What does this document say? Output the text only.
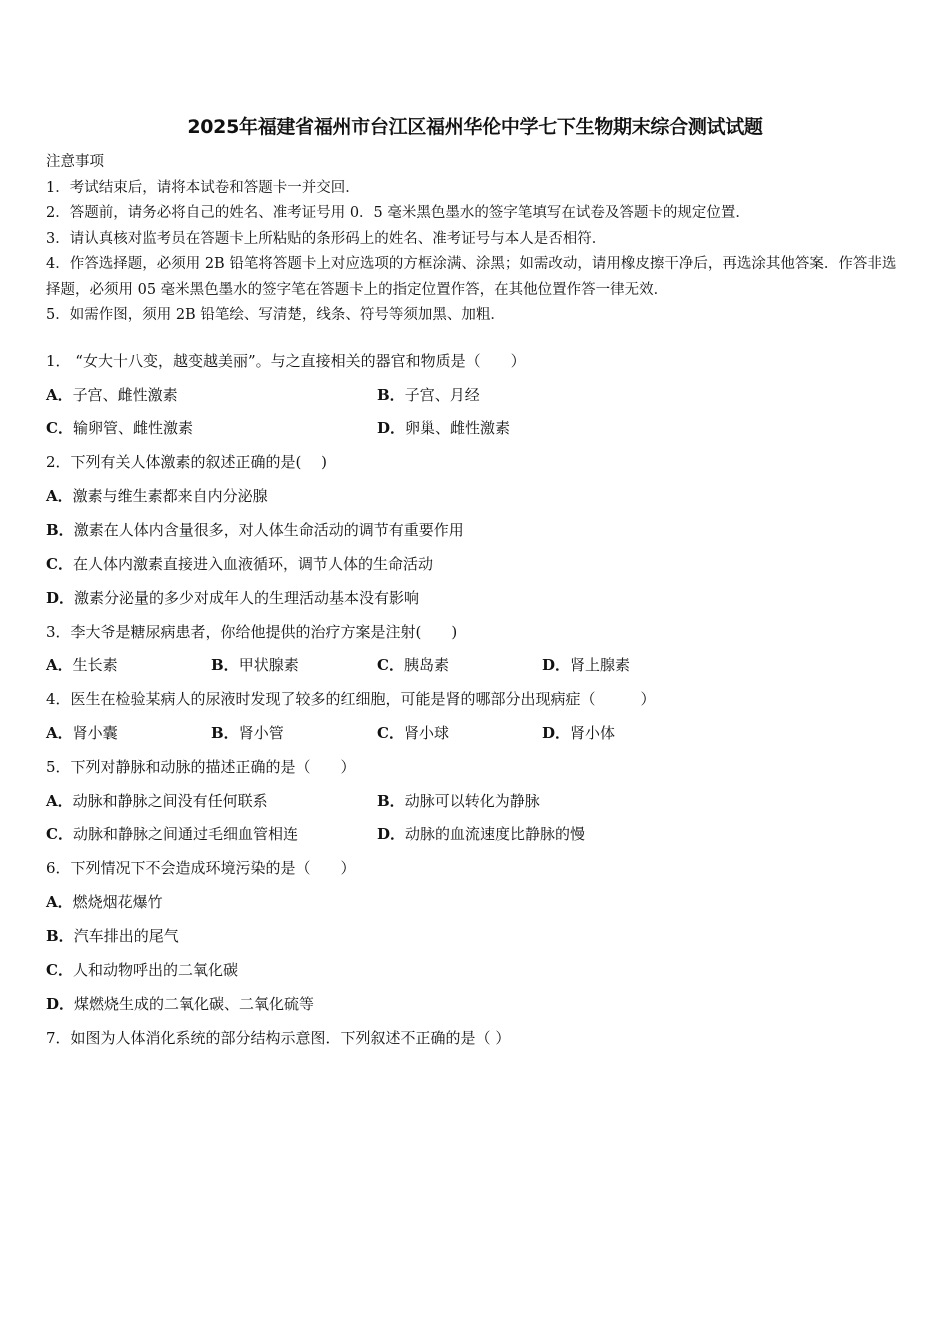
2025年福建省福州市台江区福州华伦中学七下生物期末综合测试试题
注意事项
1．考试结束后，请将本试卷和答题卡一并交回．
2．答题前，请务必将自己的姓名、准考证号用 0．5 毫米黑色墨水的签字笔填写在试卷及答题卡的规定位置．
3．请认真核对监考员在答题卡上所粘贴的条形码上的姓名、准考证号与本人是否相符．
4．作答选择题，必须用 2B 铅笔将答题卡上对应选项的方框涂满、涂黑；如需改动，请用橡皮擦干净后，再选涂其他答案．作答非选择题，必须用 05 毫米黑色墨水的签字笔在答题卡上的指定位置作答，在其他位置作答一律无效．
5．如需作图，须用 2B 铅笔绘、写清楚，线条、符号等须加黑、加粗．
1． “女大十八变，越变越美丽”。与之直接相关的器官和物质是（　　）
A．子宫、雌性激素	B．子宫、月经
C．输卵管、雌性激素	D．卵巢、雌性激素
2．下列有关人体激素的叙述正确的是(　 )
A．激素与维生素都来自内分泌腺
B．激素在人体内含量很多，对人体生命活动的调节有重要作用
C．在人体内激素直接进入血液循环，调节人体的生命活动
D．激素分泌量的多少对成年人的生理活动基本没有影响
3．李大爷是糖尿病患者，你给他提供的治疗方案是注射(　　)
A．生长素	B．甲状腺素	C．胰岛素	D．肾上腺素
4．医生在检验某病人的尿液时发现了较多的红细胞，可能是肾的哪部分出现病症（　　　）
A．肾小囊	B．肾小管	C．肾小球	D．肾小体
5．下列对静脉和动脉的描述正确的是（　　）
A．动脉和静脉之间没有任何联系	B．动脉可以转化为静脉
C．动脉和静脉之间通过毛细血管相连	D．动脉的血流速度比静脉的慢
6．下列情况下不会造成环境污染的是（　　）
A．燃烧烟花爆竹
B．汽车排出的尾气
C．人和动物呼出的二氧化碳
D．煤燃烧生成的二氧化碳、二氧化硫等
7．如图为人体消化系统的部分结构示意图．下列叙述不正确的是（ ）
